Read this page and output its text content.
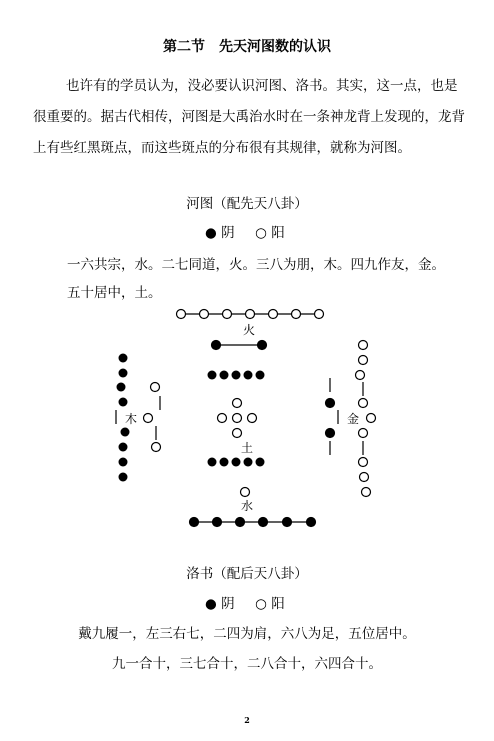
第二节　先天河图数的认识
也许有的学员认为，没必要认识河图、洛书。其实，这一点，也是
很重要的。据古代相传，河图是大禹治水时在一条神龙背上发现的，龙背
上有些红黑斑点，而这些斑点的分布很有其规律，就称为河图。
河图（配先天八卦）
● 阴 ○ 阳
一六共宗，水。二七同道，火。三八为朋，木。四九作友，金。
五十居中，土。
火
土
水
木	金
洛书（配后天八卦）
● 阴 ○ 阳
戴九履一，左三右七，二四为肩，六八为足，五位居中。
九一合十，三七合十，二八合十，六四合十。
2
